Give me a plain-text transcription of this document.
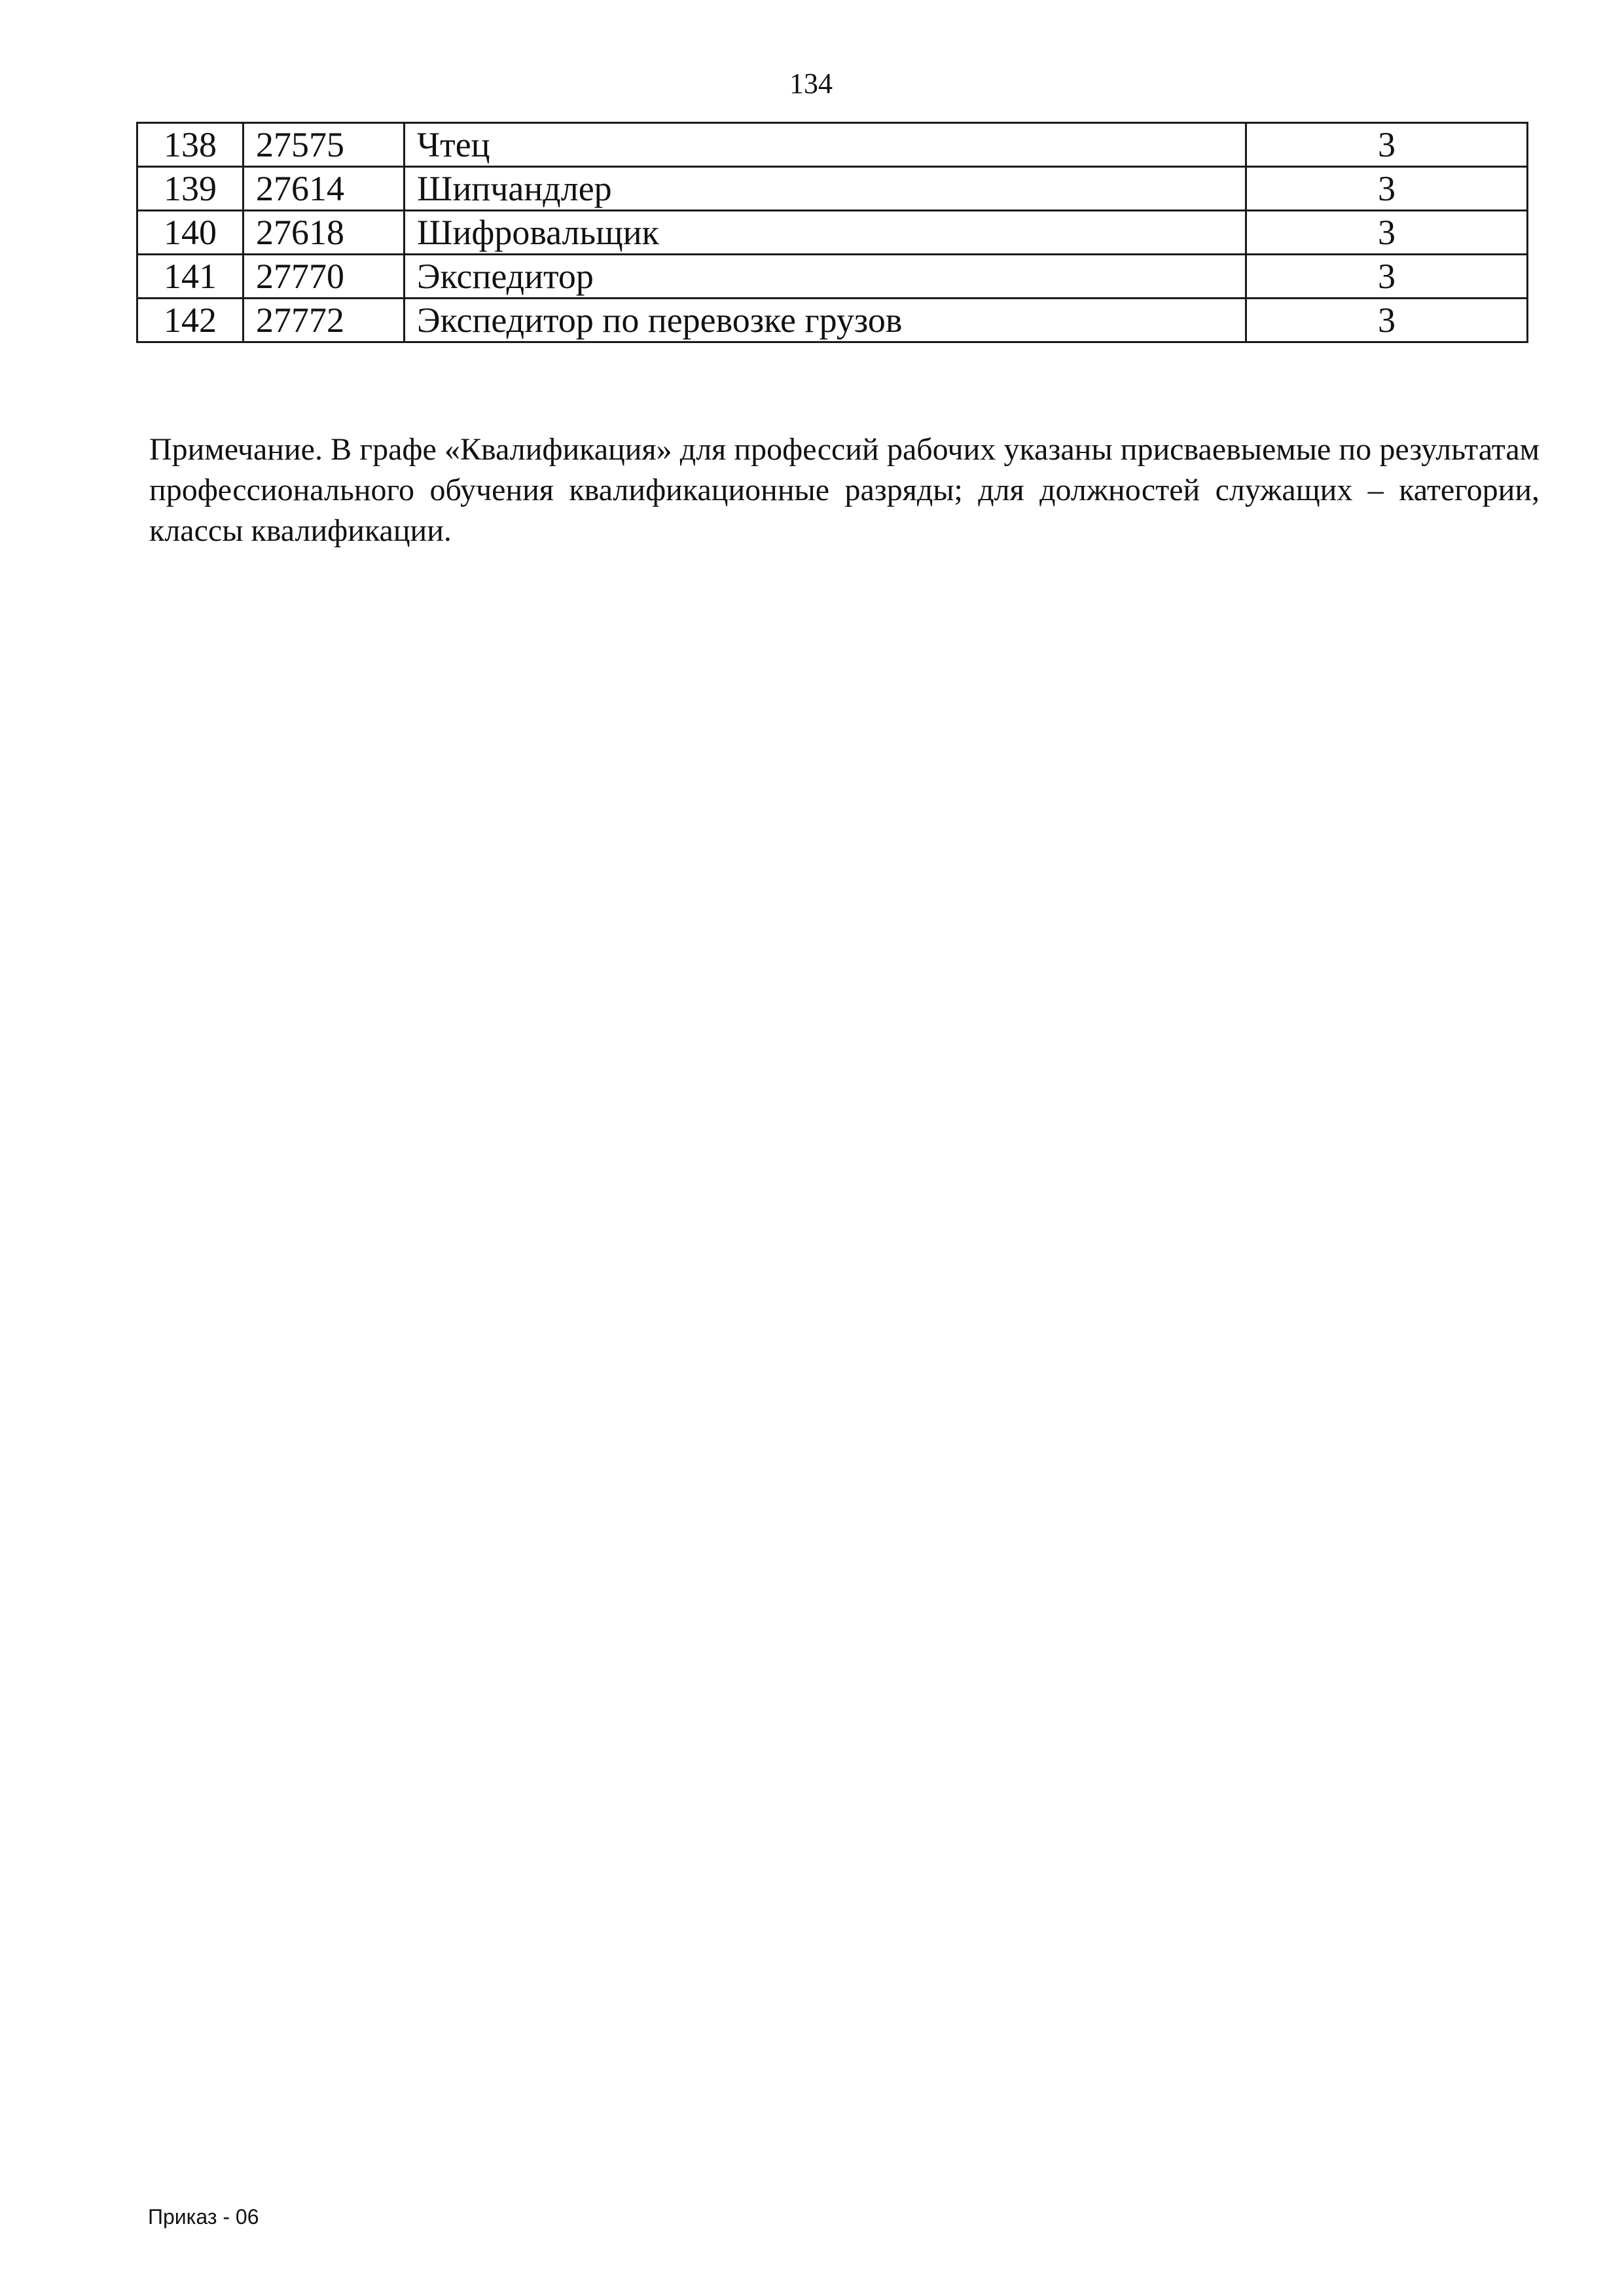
134
138	27575	Чтец	3
139	27614	Шипчандлер	3
140	27618	Шифровальщик	3
141	27770	Экспедитор	3
142	27772	Экспедитор по перевозке грузов	3

Примечание. В графе «Квалификация» для профессий рабочих указаны присваевыемые по результатам профессионального обучения квалификационные разряды; для должностей служащих – категории, классы квалификации.

Приказ - 06
